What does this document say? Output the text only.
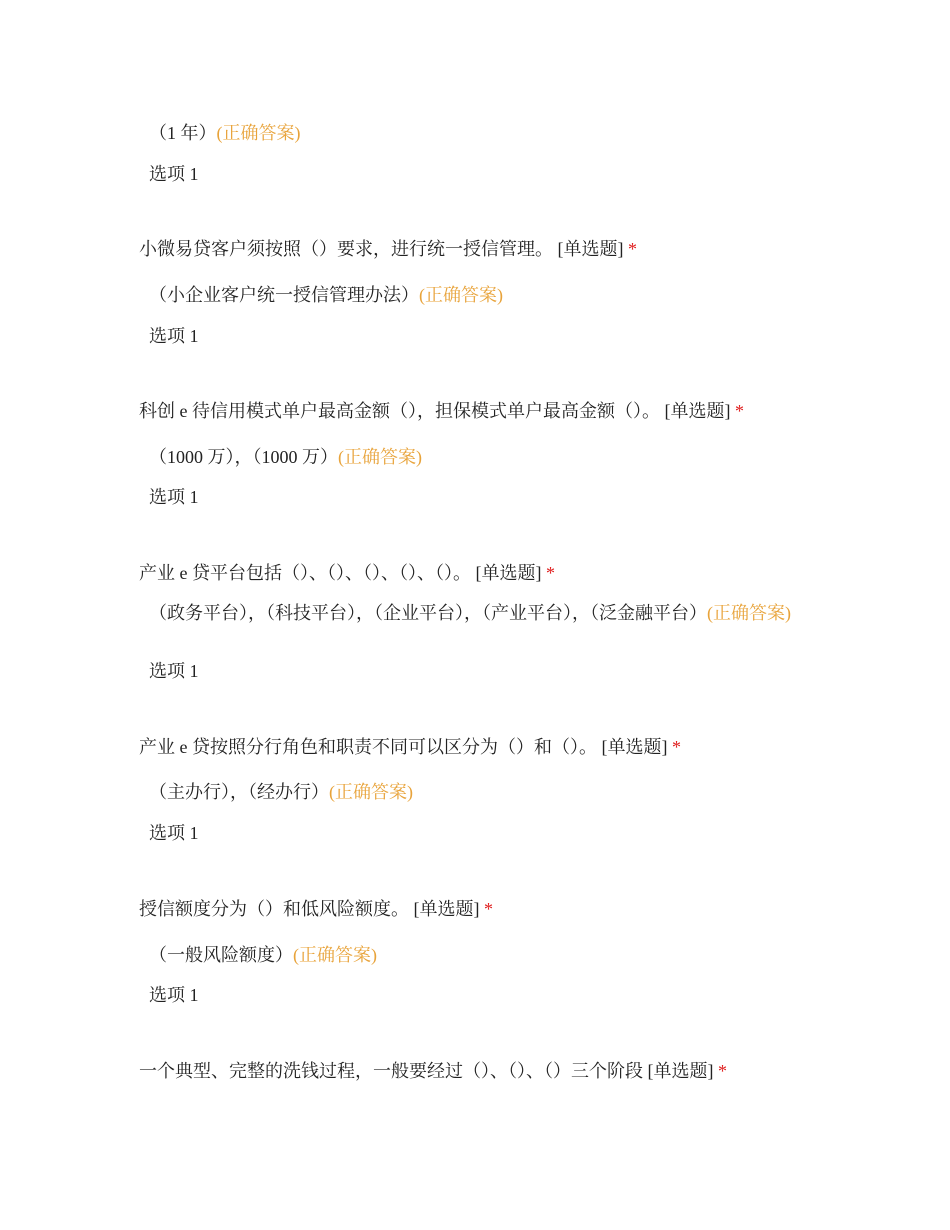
（1 年）(正确答案)
选项 1
小微易贷客户须按照（）要求，进行统一授信管理。 [单选题] *
（小企业客户统一授信管理办法）(正确答案)
选项 1
科创 e 待信用模式单户最高金额（），担保模式单户最高金额（）。 [单选题] *
（1000 万），（1000 万）(正确答案)
选项 1
产业 e 贷平台包括（）、（）、（）、（）、（）。 [单选题] *
（政务平台），（科技平台），（企业平台），（产业平台），（泛金融平台）(正确答案)
选项 1
产业 e 贷按照分行角色和职责不同可以区分为（）和（）。 [单选题] *
（主办行），（经办行）(正确答案)
选项 1
授信额度分为（）和低风险额度。 [单选题] *
（一般风险额度）(正确答案)
选项 1
一个典型、完整的洗钱过程，一般要经过（）、（）、（）三个阶段 [单选题] *
